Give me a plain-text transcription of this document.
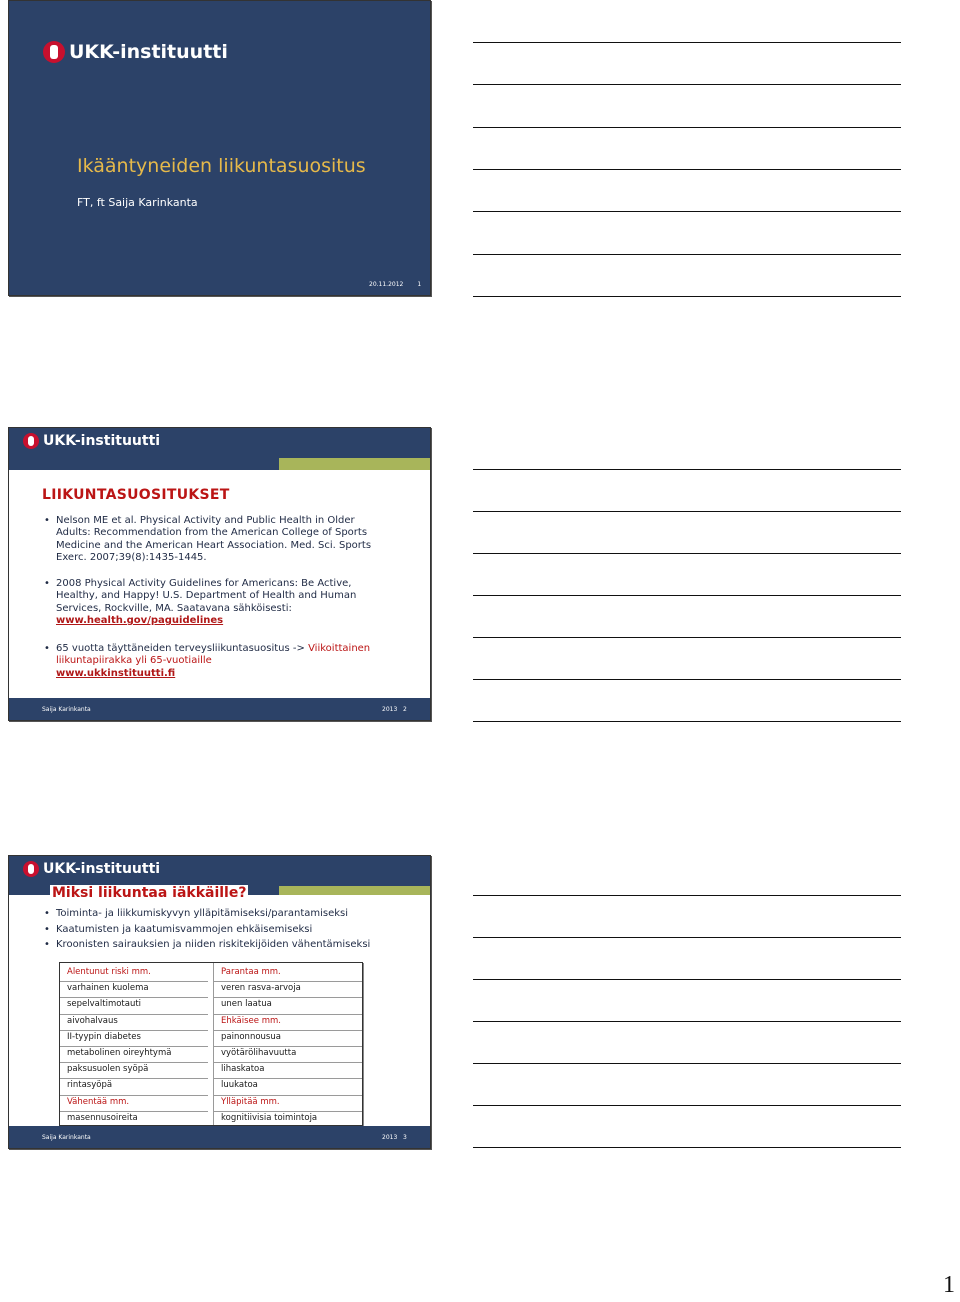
UKK-instituutti
Ikääntyneiden liikuntasuositus
FT, ft Saija Karinkanta
20.11.2012 1
UKK-instituutti
LIIKUNTASUOSITUKSET
• Nelson ME et al. Physical Activity and Public Health in Older Adults: Recommendation from the American College of Sports Medicine and the American Heart Association. Med. Sci. Sports Exerc. 2007;39(8):1435-1445.
• 2008 Physical Activity Guidelines for Americans: Be Active, Healthy, and Happy! U.S. Department of Health and Human Services, Rockville, MA. Saatavana sähköisesti:
www.health.gov/paguidelines
• 65 vuotta täyttäneiden terveysliikuntasuositus -> Viikoittainen liikuntapiirakka yli 65-vuotiaille
www.ukkinstituutti.fi
Saija Karinkanta	2013 2
UKK-instituutti
Miksi liikuntaa iäkkäille?
• Toiminta- ja liikkumiskyvyn ylläpitämiseksi/parantamiseksi
• Kaatumisten ja kaatumisvammojen ehkäisemiseksi
• Kroonisten sairauksien ja niiden riskitekijöiden vähentämiseksi
Alentunut riski mm.
varhainen kuolema
sepelvaltimotauti
aivohalvaus
II-tyypin diabetes
metabolinen oireyhtymä
paksusuolen syöpä
rintasyöpä
Vähentää mm.
masennusoireita
Parantaa mm.
veren rasva-arvoja
unen laatua
Ehkäisee mm.
painonnousua
vyötärölihavuutta
lihaskatoa
luukatoa
Ylläpitää mm.
kognitiivisia toimintoja
Saija Karinkanta	2013 3
1
